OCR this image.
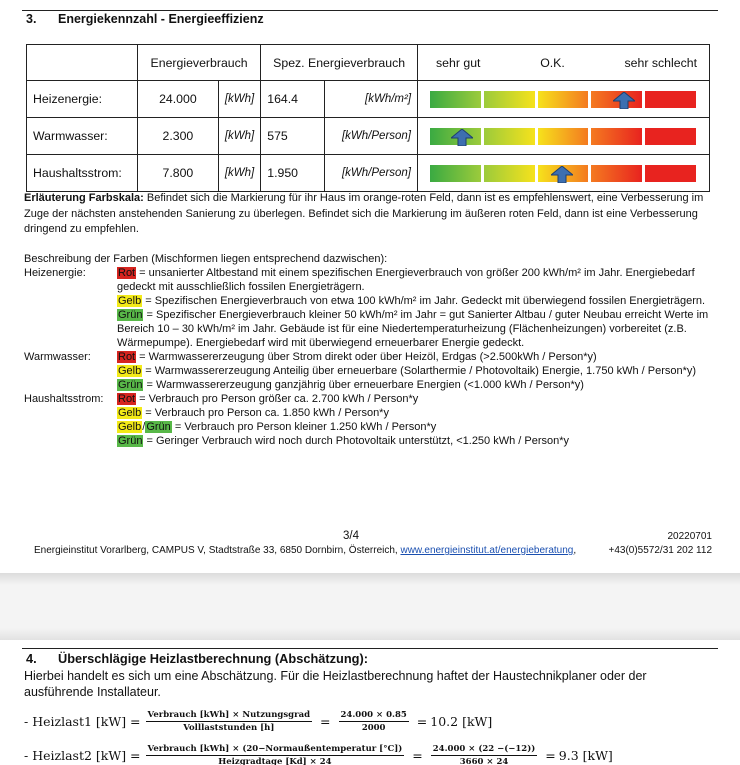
3. Energiekennzahl - Energieeffizienz
	Energieverbrauch		Spez. Energieverbrauch		sehr gut O.K. sehr schlecht

Heizenergie:	24.000	[kWh]	164.4	[kWh/m²]	

Warmwasser:	2.300	[kWh]	575	[kWh/Person]	

Haushaltsstrom:	7.800	[kWh]	1.950	[kWh/Person]	
Erläuterung Farbskala: Befindet sich die Markierung für ihr Haus im orange-roten Feld, dann ist es empfehlenswert, eine Verbesserung im Zuge der nächsten anstehenden Sanierung zu überlegen. Befindet sich die Markierung im äußeren roten Feld, dann ist eine Verbesserung dringend zu empfehlen.
Beschreibung der Farben (Mischformen liegen entsprechend dazwischen):
Heizenergie:	Rot = unsanierter Altbestand mit einem spezifischen Energieverbrauch von größer 200 kWh/m² im Jahr. Energiebedarf gedeckt mit ausschließlich fossilen Energieträgern.
Gelb = Spezifischen Energieverbrauch von etwa 100 kWh/m² im Jahr. Gedeckt mit überwiegend fossilen Energieträgern.
Grün = Spezifischer Energieverbrauch kleiner 50 kWh/m² im Jahr = gut Sanierter Altbau / guter Neubau erreicht Werte im Bereich 10 – 30 kWh/m² im Jahr. Gebäude ist für eine Niedertemperaturheizung (Flächenheizungen) vorbereitet (z.B. Wärmepumpe). Energiebedarf wird mit überwiegend erneuerbarer Energie gedeckt.
Warmwasser:	Rot = Warmwassererzeugung über Strom direkt oder über Heizöl, Erdgas (>2.500kWh / Person*y)
Gelb = Warmwassererzeugung Anteilig über erneuerbare (Solarthermie / Photovoltaik) Energie, 1.750 kWh / Person*y)
Grün = Warmwassererzeugung ganzjährig über erneuerbare Energien (<1.000 kWh / Person*y)
Haushaltsstrom:	Rot = Verbrauch pro Person größer ca. 2.700 kWh / Person*y
Gelb = Verbrauch pro Person ca. 1.850 kWh / Person*y
Gelb/Grün = Verbrauch pro Person kleiner 1.250 kWh / Person*y
Grün = Geringer Verbrauch wird noch durch Photovoltaik unterstützt, <1.250 kWh / Person*y
3/4	20220701
Energieinstitut Vorarlberg, CAMPUS V, Stadtstraße 33, 6850 Dornbirn, Österreich, www.energieinstitut.at/energieberatung,	+43(0)5572/31 202 112
4. Überschlägige Heizlastberechnung (Abschätzung):
Hierbei handelt es sich um eine Abschätzung. Für die Heizlastberechnung haftet der Haustechnikplaner oder der ausführende Installateur.
- Heizlast1 $[kW] = \frac{\text{Verbrauch [kWh] × Nutzungsgrad}}{\text{Volllaststunden [h]}} = \frac{24.000 \times 0.85}{2000} = 10.2$ [kW]
- Heizlast2 $[kW] = \frac{\text{Verbrauch [kWh] × (20−Normaußentemperatur [°C])}}{\text{Heizgradtage [Kd] × 24}} = \frac{24.000 \times (22 -(-12))}{3660 \times 24} = 9.3$ [kW]
